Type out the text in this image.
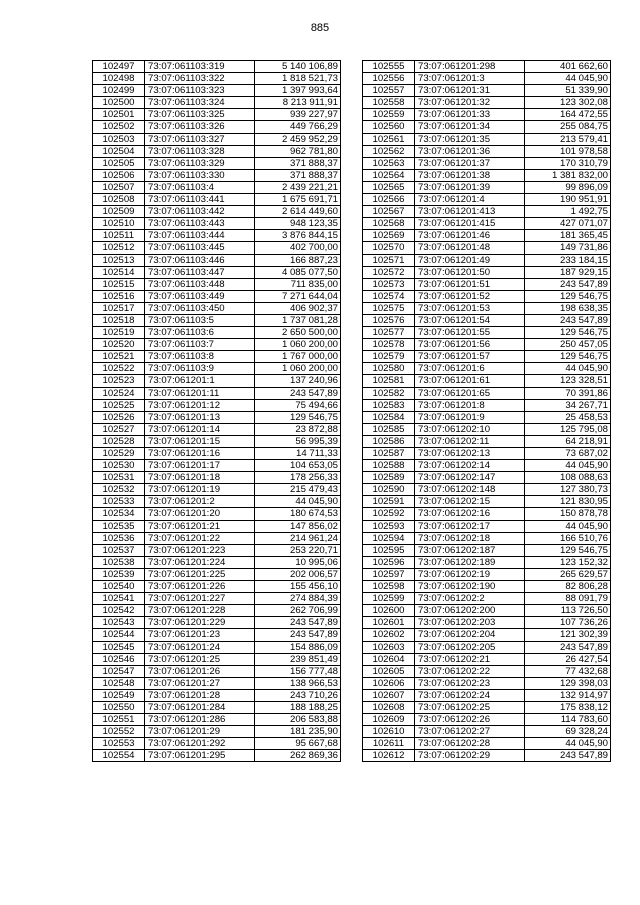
885
102497	73:07:061103:319	5 140 106,89
102498	73:07:061103:322	1 818 521,73
102499	73:07:061103:323	1 397 993,64
102500	73:07:061103:324	8 213 911,91
102501	73:07:061103:325	939 227,97
102502	73:07:061103:326	449 766,29
102503	73:07:061103:327	2 459 952,29
102504	73:07:061103:328	962 781,80
102505	73:07:061103:329	371 888,37
102506	73:07:061103:330	371 888,37
102507	73:07:061103:4	2 439 221,21
102508	73:07:061103:441	1 675 691,71
102509	73:07:061103:442	2 614 449,60
102510	73:07:061103:443	948 123,35
102511	73:07:061103:444	3 876 844,15
102512	73:07:061103:445	402 700,00
102513	73:07:061103:446	166 887,23
102514	73:07:061103:447	4 085 077,50
102515	73:07:061103:448	711 835,00
102516	73:07:061103:449	7 271 644,04
102517	73:07:061103:450	406 902,37
102518	73:07:061103:5	1 737 081,28
102519	73:07:061103:6	2 650 500,00
102520	73:07:061103:7	1 060 200,00
102521	73:07:061103:8	1 767 000,00
102522	73:07:061103:9	1 060 200,00
102523	73:07:061201:1	137 240,96
102524	73:07:061201:11	243 547,89
102525	73:07:061201:12	75 494,66
102526	73:07:061201:13	129 546,75
102527	73:07:061201:14	23 872,88
102528	73:07:061201:15	56 995,39
102529	73:07:061201:16	14 711,33
102530	73:07:061201:17	104 653,05
102531	73:07:061201:18	178 256,33
102532	73:07:061201:19	215 479,43
102533	73:07:061201:2	44 045,90
102534	73:07:061201:20	180 674,53
102535	73:07:061201:21	147 856,02
102536	73:07:061201:22	214 961,24
102537	73:07:061201:223	253 220,71
102538	73:07:061201:224	10 995,06
102539	73:07:061201:225	202 006,57
102540	73:07:061201:226	155 456,10
102541	73:07:061201:227	274 884,39
102542	73:07:061201:228	262 706,99
102543	73:07:061201:229	243 547,89
102544	73:07:061201:23	243 547,89
102545	73:07:061201:24	154 886,09
102546	73:07:061201:25	239 851,49
102547	73:07:061201:26	156 777,48
102548	73:07:061201:27	138 966,53
102549	73:07:061201:28	243 710,26
102550	73:07:061201:284	188 188,25
102551	73:07:061201:286	206 583,88
102552	73:07:061201:29	181 235,90
102553	73:07:061201:292	95 667,68
102554	73:07:061201:295	262 869,36
102555	73:07:061201:298	401 662,60
102556	73:07:061201:3	44 045,90
102557	73:07:061201:31	51 339,90
102558	73:07:061201:32	123 302,08
102559	73:07:061201:33	164 472,55
102560	73:07:061201:34	255 084,75
102561	73:07:061201:35	213 579,41
102562	73:07:061201:36	101 978,58
102563	73:07:061201:37	170 310,79
102564	73:07:061201:38	1 381 832,00
102565	73:07:061201:39	99 896,09
102566	73:07:061201:4	190 951,91
102567	73:07:061201:413	1 492,75
102568	73:07:061201:415	427 071,07
102569	73:07:061201:46	181 365,45
102570	73:07:061201:48	149 731,86
102571	73:07:061201:49	233 184,15
102572	73:07:061201:50	187 929,15
102573	73:07:061201:51	243 547,89
102574	73:07:061201:52	129 546,75
102575	73:07:061201:53	198 638,35
102576	73:07:061201:54	243 547,89
102577	73:07:061201:55	129 546,75
102578	73:07:061201:56	250 457,05
102579	73:07:061201:57	129 546,75
102580	73:07:061201:6	44 045,90
102581	73:07:061201:61	123 328,51
102582	73:07:061201:65	70 391,86
102583	73:07:061201:8	34 267,71
102584	73:07:061201:9	25 458,53
102585	73:07:061202:10	125 795,08
102586	73:07:061202:11	64 218,91
102587	73:07:061202:13	73 687,02
102588	73:07:061202:14	44 045,90
102589	73:07:061202:147	108 088,63
102590	73:07:061202:148	127 380,73
102591	73:07:061202:15	121 830,95
102592	73:07:061202:16	150 878,78
102593	73:07:061202:17	44 045,90
102594	73:07:061202:18	166 510,76
102595	73:07:061202:187	129 546,75
102596	73:07:061202:189	123 152,32
102597	73:07:061202:19	265 629,57
102598	73:07:061202:190	82 806,28
102599	73:07:061202:2	88 091,79
102600	73:07:061202:200	113 726,50
102601	73:07:061202:203	107 736,26
102602	73:07:061202:204	121 302,39
102603	73:07:061202:205	243 547,89
102604	73:07:061202:21	26 427,54
102605	73:07:061202:22	77 432,68
102606	73:07:061202:23	129 398,03
102607	73:07:061202:24	132 914,97
102608	73:07:061202:25	175 838,12
102609	73:07:061202:26	114 783,60
102610	73:07:061202:27	69 328,24
102611	73:07:061202:28	44 045,90
102612	73:07:061202:29	243 547,89
